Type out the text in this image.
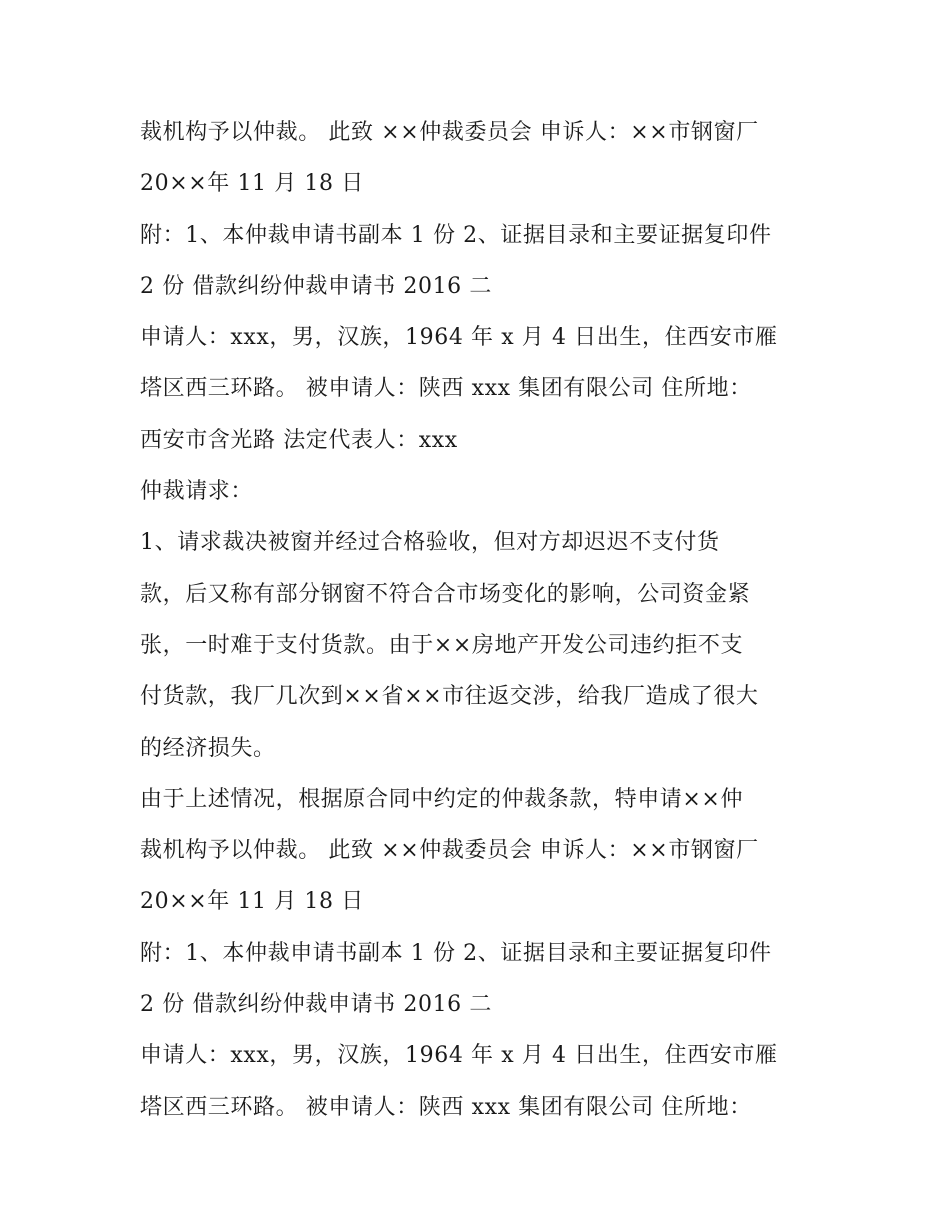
裁机构予以仲裁。 此致 ××仲裁委员会 申诉人：××市钢窗厂
20××年 11 月 18 日
附：1、本仲裁申请书副本 1 份 2、证据目录和主要证据复印件
2 份 借款纠纷仲裁申请书 2016 二
申请人：xxx，男，汉族，1964 年 x 月 4 日出生，住西安市雁
塔区西三环路。 被申请人：陕西 xxx 集团有限公司 住所地：
西安市含光路 法定代表人：xxx
仲裁请求：
1、请求裁决被窗并经过合格验收，但对方却迟迟不支付货
款，后又称有部分钢窗不符合合市场变化的影响，公司资金紧
张，一时难于支付货款。由于××房地产开发公司违约拒不支
付货款，我厂几次到××省××市往返交涉，给我厂造成了很大
的经济损失。
由于上述情况，根据原合同中约定的仲裁条款，特申请××仲
裁机构予以仲裁。 此致 ××仲裁委员会 申诉人：××市钢窗厂
20××年 11 月 18 日
附：1、本仲裁申请书副本 1 份 2、证据目录和主要证据复印件
2 份 借款纠纷仲裁申请书 2016 二
申请人：xxx，男，汉族，1964 年 x 月 4 日出生，住西安市雁
塔区西三环路。 被申请人：陕西 xxx 集团有限公司 住所地：
